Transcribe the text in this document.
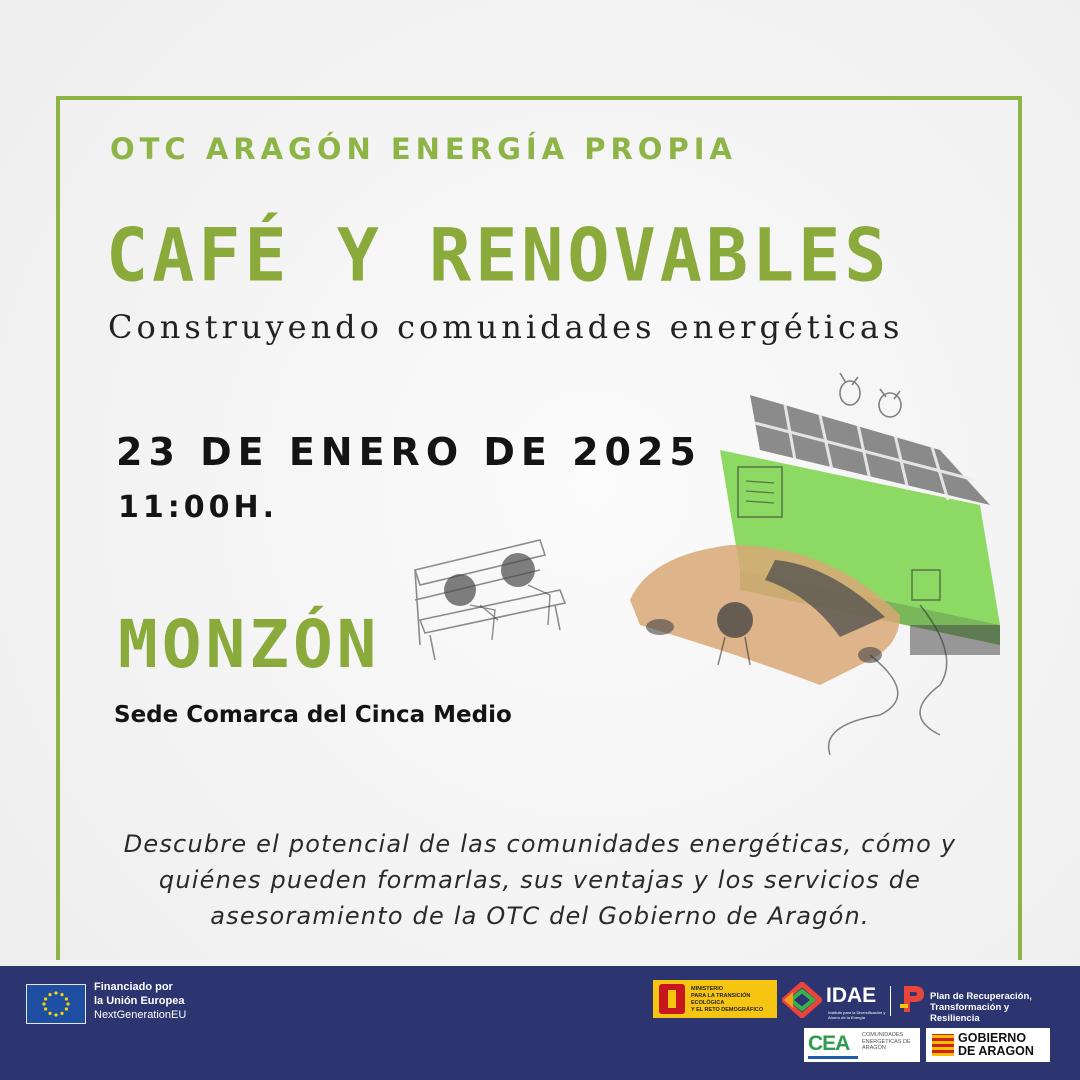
OTC ARAGÓN ENERGÍA PROPIA
CAFÉ Y RENOVABLES
Construyendo comunidades energéticas
23 DE ENERO DE 2025
11:00H.
MONZÓN
Sede Comarca del Cinca Medio
Descubre el potencial de las comunidades energéticas, cómo y
quiénes pueden formarlas, sus ventajas y los servicios de
asesoramiento de la OTC del Gobierno de Aragón.
Financiado por
la Unión Europea
NextGenerationEU
MINISTERIO
PARA LA TRANSICIÓN ECOLÓGICA
Y EL RETO DEMOGRÁFICO
IDAE
Instituto para la Diversificación y Ahorro de la Energía
Plan de Recuperación,
Transformación y Resiliencia
CEA COMUNIDADES
ENERGÉTICAS DE
ARAGÓN
GOBIERNO
DE ARAGON
